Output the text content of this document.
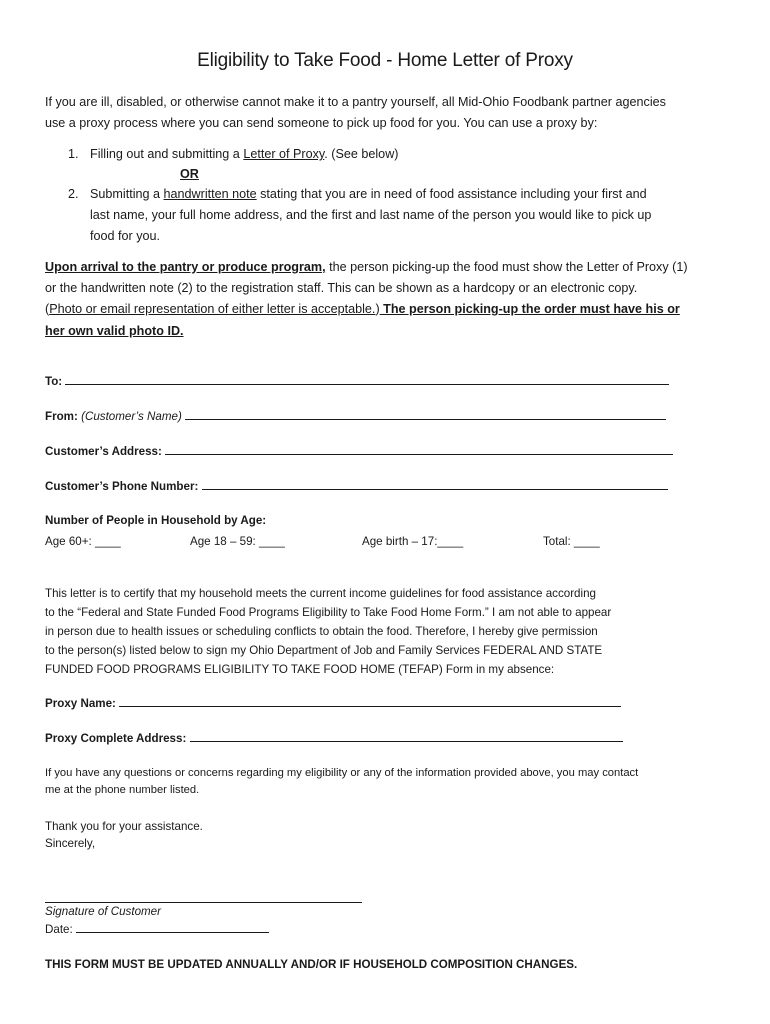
Eligibility to Take Food - Home Letter of Proxy
If you are ill, disabled, or otherwise cannot make it to a pantry yourself, all Mid-Ohio Foodbank partner agencies
use a proxy process where you can send someone to pick up food for you. You can use a proxy by:
1. Filling out and submitting a Letter of Proxy. (See below)
OR
2. Submitting a handwritten note stating that you are in need of food assistance including your first and
last name, your full home address, and the first and last name of the person you would like to pick up
food for you.
Upon arrival to the pantry or produce program, the person picking-up the food must show the Letter of Proxy (1)
or the handwritten note (2) to the registration staff. This can be shown as a hardcopy or an electronic copy.
(Photo or email representation of either letter is acceptable.) The person picking-up the order must have his or
her own valid photo ID.
To:
From: (Customer’s Name)
Customer’s Address:
Customer’s Phone Number:
Number of People in Household by Age:
Age 60+: ____	Age 18 – 59: ____	Age birth – 17:____	Total: ____
This letter is to certify that my household meets the current income guidelines for food assistance according
to the “Federal and State Funded Food Programs Eligibility to Take Food Home Form.” I am not able to appear
in person due to health issues or scheduling conflicts to obtain the food. Therefore, I hereby give permission
to the person(s) listed below to sign my Ohio Department of Job and Family Services FEDERAL AND STATE
FUNDED FOOD PROGRAMS ELIGIBILITY TO TAKE FOOD HOME (TEFAP) Form in my absence:
Proxy Name:
Proxy Complete Address:
If you have any questions or concerns regarding my eligibility or any of the information provided above, you may contact
me at the phone number listed.
Thank you for your assistance.
Sincerely,
Signature of Customer
Date:
THIS FORM MUST BE UPDATED ANNUALLY AND/OR IF HOUSEHOLD COMPOSITION CHANGES.
